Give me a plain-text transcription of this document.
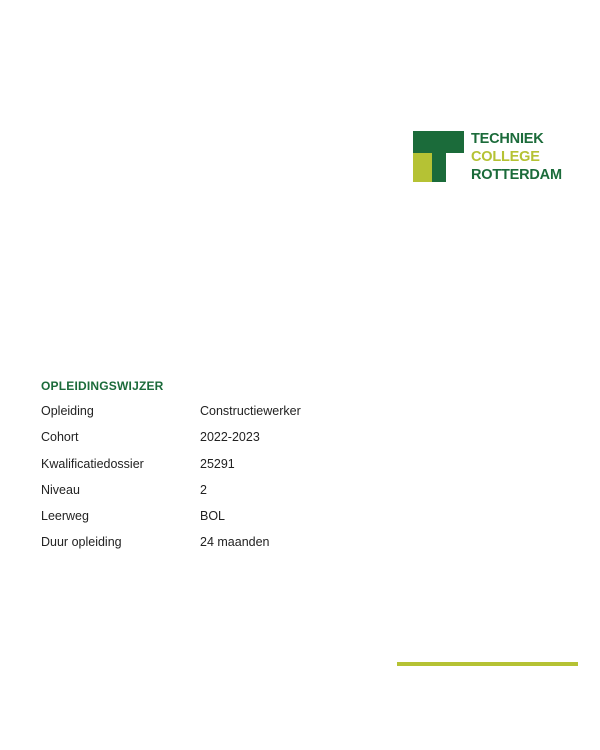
TECHNIEK
COLLEGE
ROTTERDAM
OPLEIDINGSWIJZER
Opleiding	Constructiewerker
Cohort	2022-2023
Kwalificatiedossier	25291
Niveau	2
Leerweg	BOL
Duur opleiding	24 maanden
